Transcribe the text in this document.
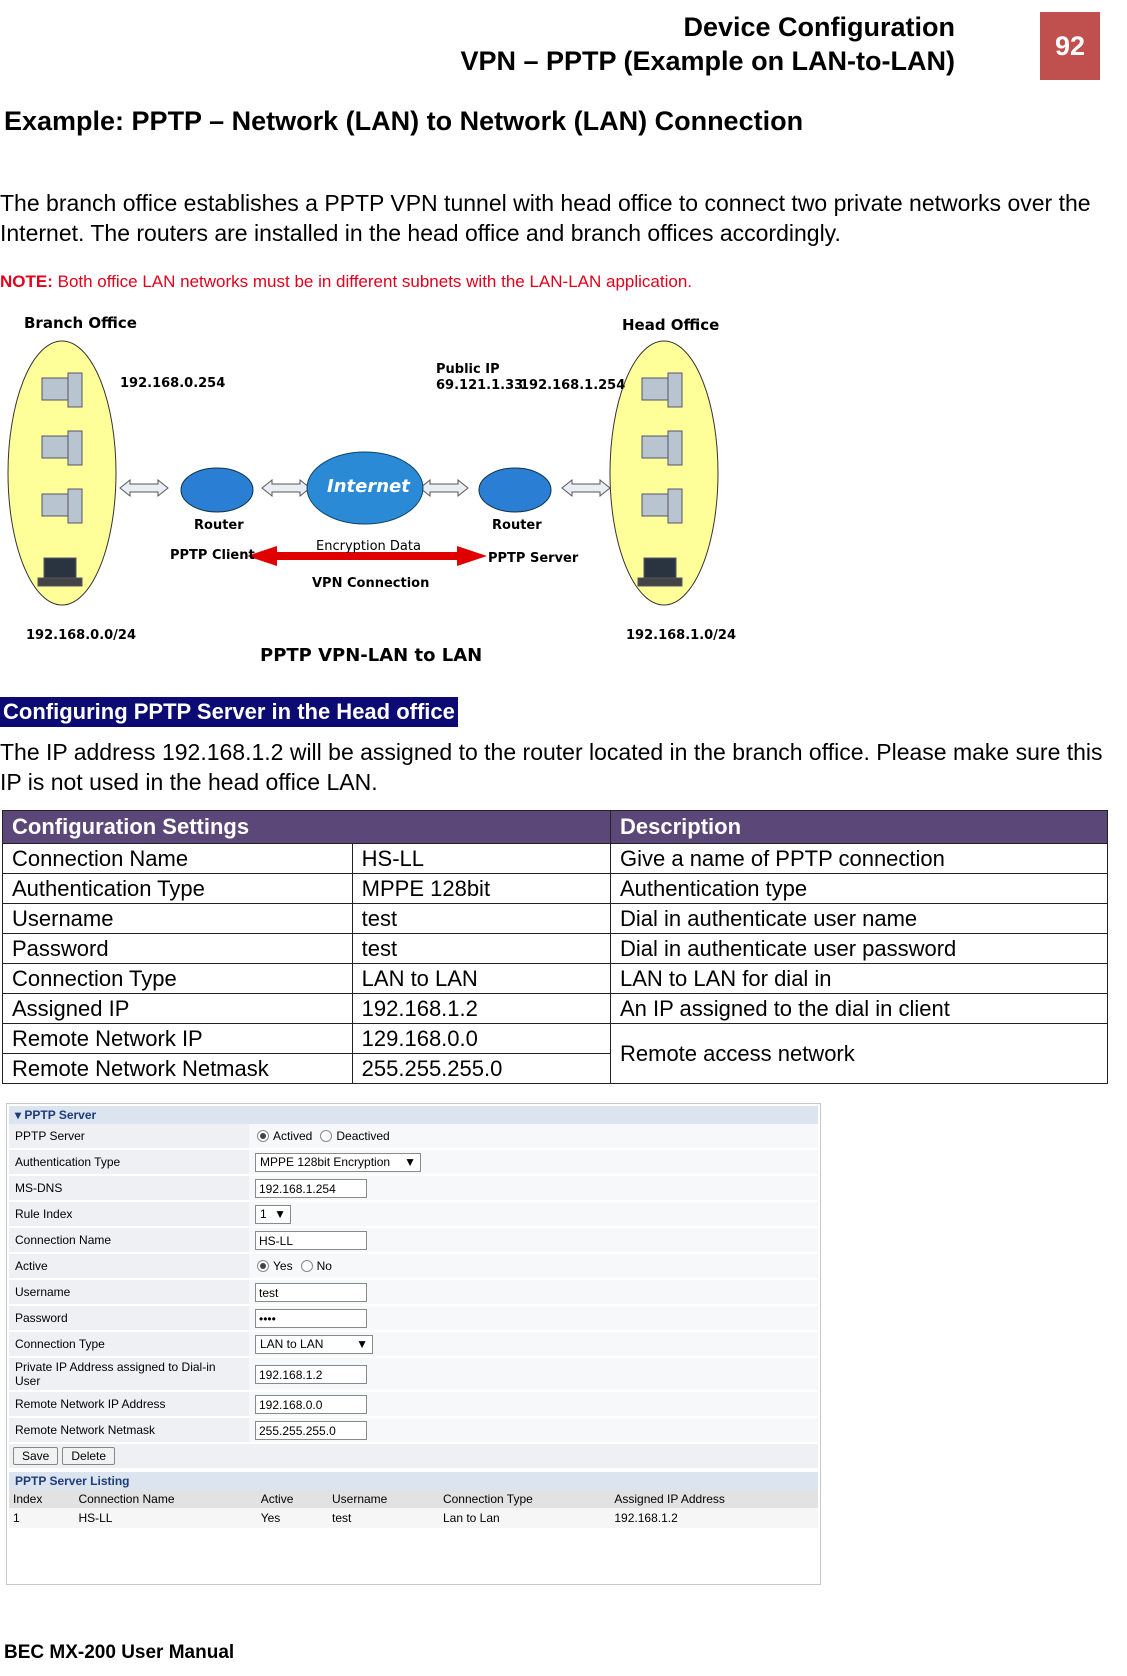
Device Configuration
VPN – PPTP (Example on LAN-to-LAN)
92
Example: PPTP – Network (LAN) to Network (LAN) Connection
The branch office establishes a PPTP VPN tunnel with head office to connect two private networks over the Internet. The routers are installed in the head office and branch offices accordingly.
NOTE: Both office LAN networks must be in different subnets with the LAN-LAN application.
Branch Office	Head Office
192.168.0.254
Public IP
69.121.1.33
192.168.1.254
Internet
Router	Router
PPTP Client	PPTP Server
Encryption Data
VPN Connection
192.168.0.0/24	192.168.1.0/24
PPTP VPN-LAN to LAN
Configuring PPTP Server in the Head office
The IP address 192.168.1.2 will be assigned to the router located in the branch office. Please make sure this IP is not used in the head office LAN.
Configuration Settings		Description
Connection Name	HS-LL	Give a name of PPTP connection
Authentication Type	MPPE 128bit	Authentication type
Username	test	Dial in authenticate user name
Password	test	Dial in authenticate user password
Connection Type	LAN to LAN	LAN to LAN for dial in
Assigned IP	192.168.1.2	An IP assigned to the dial in client
Remote Network IP	129.168.0.0	Remote access network
Remote Network Netmask	255.255.255.0	
▾ PPTP Server
PPTP Server	Actived Deactived
Authentication Type	MPPE 128bit Encryption ▼
MS-DNS	192.168.1.254
Rule Index	1 ▼
Connection Name	HS-LL
Active	Yes No
Username	test
Password	••••
Connection Type	LAN to LAN	▼
Private IP Address assigned to Dial-in User	192.168.1.2
Remote Network IP Address	192.168.0.0
Remote Network Netmask	255.255.255.0
Save	Delete
PPTP Server Listing
Index	Connection Name	Active	Username	Connection Type	Assigned IP Address
1	HS-LL	Yes	test	Lan to Lan	192.168.1.2
BEC MX-200 User Manual
